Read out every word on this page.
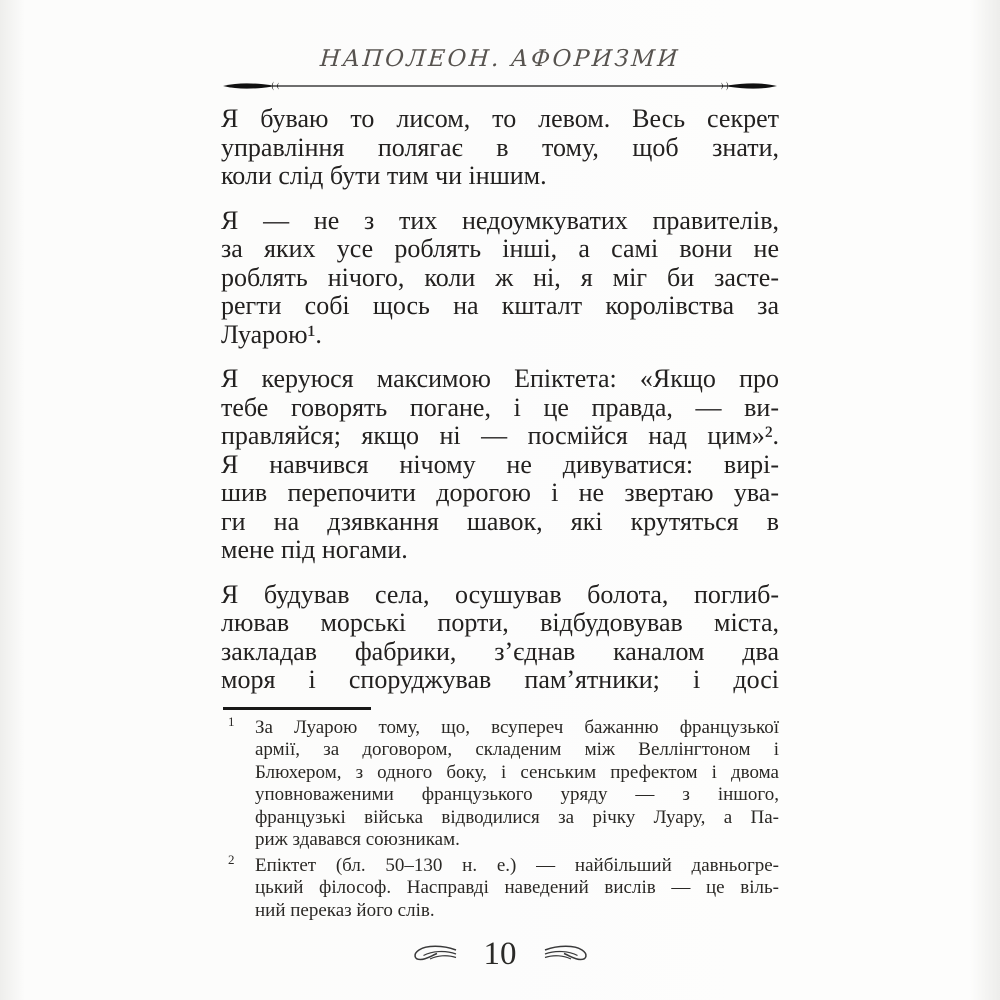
НАПОЛЕОН. АФОРИЗМИ
Я буваю то лисом, то левом. Весь секрет
управління полягає в тому, щоб знати,
коли слід бути тим чи іншим.
Я — не з тих недоумкуватих правителів,
за яких усе роблять інші, а самі вони не
роблять нічого, коли ж ні, я міг би засте-
регти собі щось на кшталт королівства за
Луарою¹.
Я керуюся максимою Епіктета: «Якщо про
тебе говорять погане, і це правда, — ви-
правляйся; якщо ні — посмійся над цим»².
Я навчився нічому не дивуватися: вирі-
шив перепочити дорогою і не звертаю ува-
ги на дзявкання шавок, які крутяться в
мене під ногами.
Я будував села, осушував болота, поглиб-
лював морські порти, відбудовував міста,
закладав фабрики, з’єднав каналом два
моря і споруджував пам’ятники; і досі
1 За Луарою тому, що, всупереч бажанню французької
армії, за договором, складеним між Веллінгтоном і
Блюхером, з одного боку, і сенським префектом і двома
уповноваженими французького уряду — з іншого,
французькі війська відводилися за річку Луару, а Па-
риж здавався союзникам.
2 Епіктет (бл. 50–130 н. е.) — найбільший давньогре-
цький філософ. Насправді наведений вислів — це віль-
ний переказ його слів.
10
